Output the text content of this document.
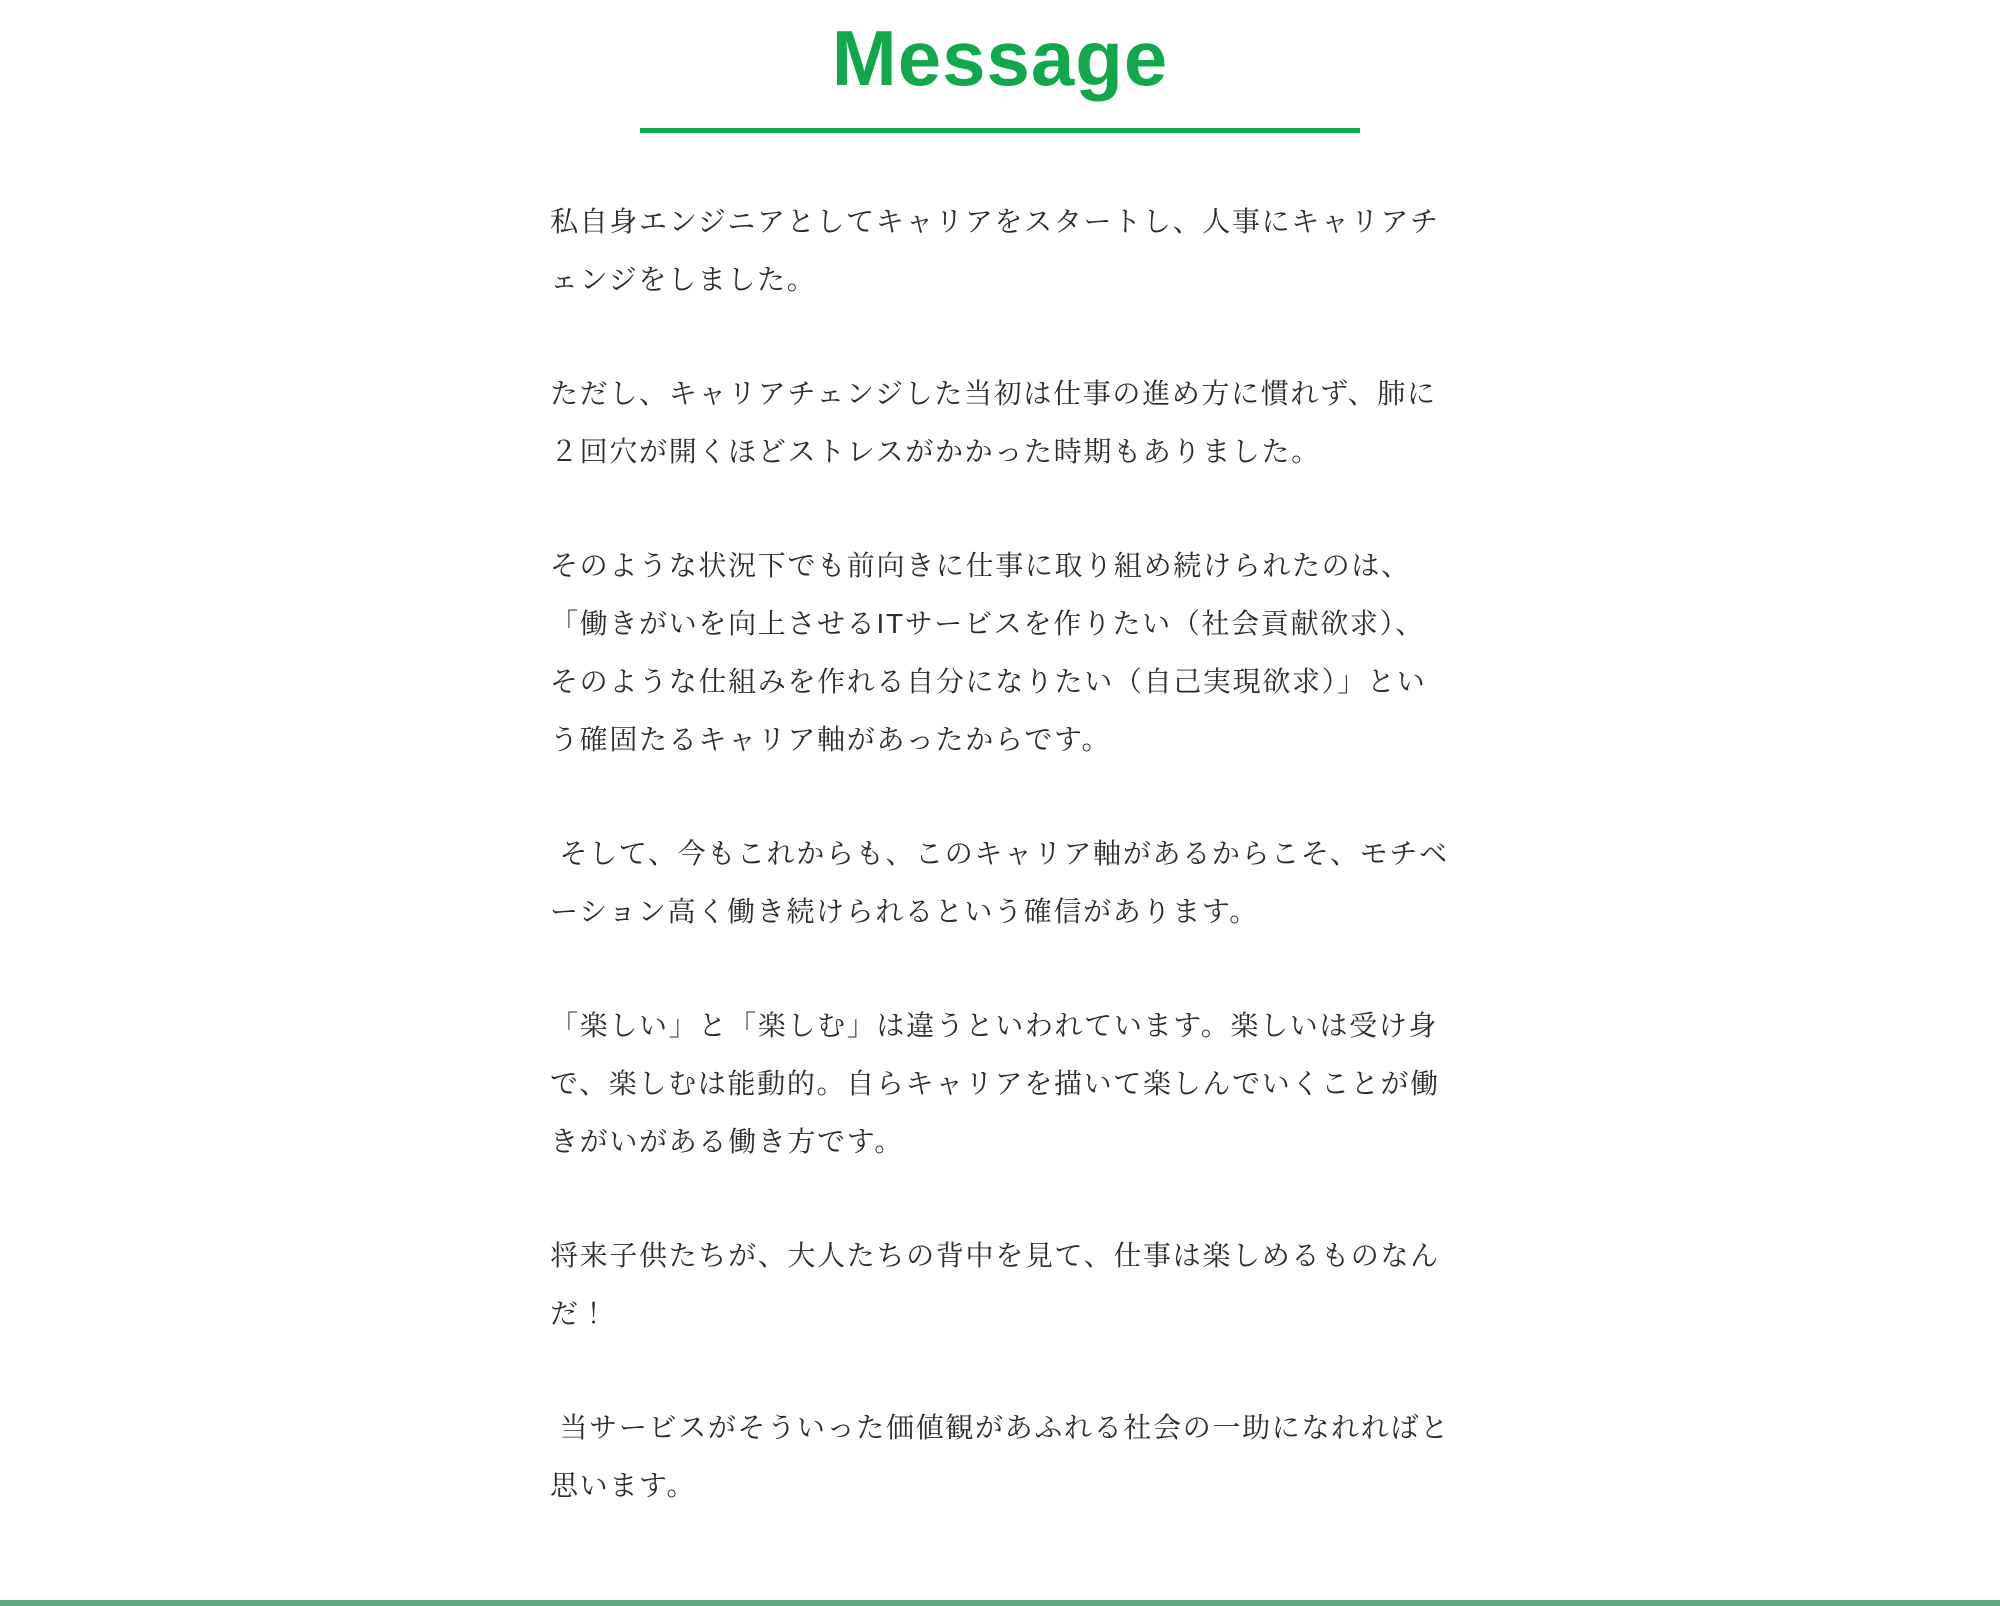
Message

私自身エンジニアとしてキャリアをスタートし、人事にキャリアチェンジをしました。

ただし、キャリアチェンジした当初は仕事の進め方に慣れず、肺に２回穴が開くほどストレスがかかった時期もありました。

そのような状況下でも前向きに仕事に取り組め続けられたのは、「働きがいを向上させるITサービスを作りたい（社会貢献欲求）、そのような仕組みを作れる自分になりたい（自己実現欲求）」という確固たるキャリア軸があったからです。

そして、今もこれからも、このキャリア軸があるからこそ、モチベーション高く働き続けられるという確信があります。

「楽しい」と「楽しむ」は違うといわれています。楽しいは受け身で、楽しむは能動的。自らキャリアを描いて楽しんでいくことが働きがいがある働き方です。

将来子供たちが、大人たちの背中を見て、仕事は楽しめるものなんだ！

当サービスがそういった価値観があふれる社会の一助になれればと思います。
